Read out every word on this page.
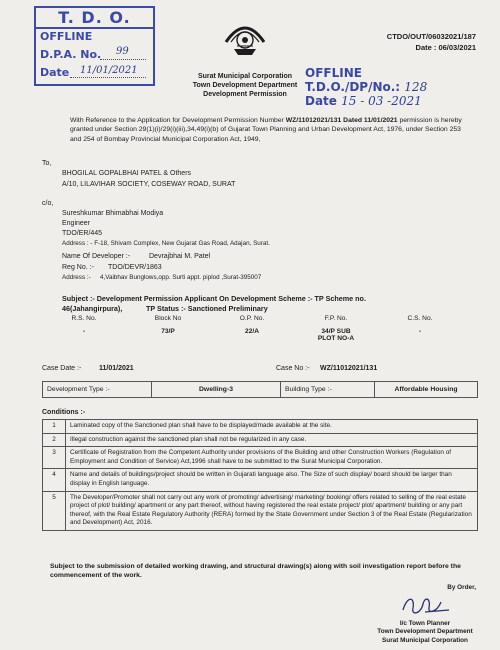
T. D. O.
OFFLINE
D.P.A. No. 99
Date 11/01/2021
CTDO/OUT/06032021/187
Date : 06/03/2021
Surat Municipal Corporation
Town Development Department
Development Permission
OFFLINE
T.D.O./DP/No.: 128
Date 15 - 03 -2021
With Reference to the Application for Development Permission Number WZ/11012021/131 Dated 11/01/2021 permission is hereby granted under Section 29(1)(i)/29(i)(iii),34,49(i)(b) of Gujarat Town Planning and Urban Development Act, 1976, under Section 253 and 254 of Bombay Provincial Municipal Corporation Act, 1949,
To,
BHOGILAL GOPALBHAI PATEL & Others
A/10, LILAVIHAR SOCIETY, COSEWAY ROAD, SURAT
c/o,
Sureshkumar Bhimabhai Modiya
Engineer
TDO/ER/445
Address : - F-18, Shivam Complex, New Gujarat Gas Road, Adajan, Surat.
Name Of Developer :-	Devrajbhai M. Patel
Reg No. :- TDO/DEVR/1863
Address :- 4,Vaibhav Bunglows,opp. Surti appt. piplod ,Surat-395007
Subject :- Development Permission Applicant On Development Scheme :- TP Scheme no.
46(Jahangirpura),	TP Status :- Sanctioned Preliminary
R.S. No.	Block No	O.P. No.	F.P. No.	C.S. No.

-	73/P	22/A	34/P SUB PLOT NO-A	-
Case Date :-	11/01/2021	Case No :- WZ/11012021/131
Development Type :-	Dwelling-3	Building Type :-	Affordable Housing
Conditions :-
1	Laminated copy of the Sanctioned plan shall have to be displayed/made available at the site.
2	Illegal construction against the sanctioned plan shall not be regularized in any case.
3	Certificate of Registration from the Competent Authority under provisions of the Building and other Construction Workers (Regulation of Employment and Condition of Service) Act,1996 shall have to be submitted to the Surat Municipal Corporation.
4	Name and details of buildings/project should be written in Gujarati language also. The Size of such display/ board should be larger than display in English language.
5	The Developer/Promoter shall not carry out any work of promoting/ advertising/ marketing/ booking/ offers related to selling of the real estate project of plot/ building/ apartment or any part thereof, without having registered the real estate project/ plot/ apartment/ building or any part thereof, with the Real Estate Regulatory Authority (RERA) formed by the State Government under Section 3 of the Real Estate (Regularization and Development) Act, 2016.
Subject to the submission of detailed working drawing, and structural drawing(s) along with soil investigation report before the commencement of the work.
By Order,
I/c Town Planner
Town Development Department
Surat Municipal Corporation
